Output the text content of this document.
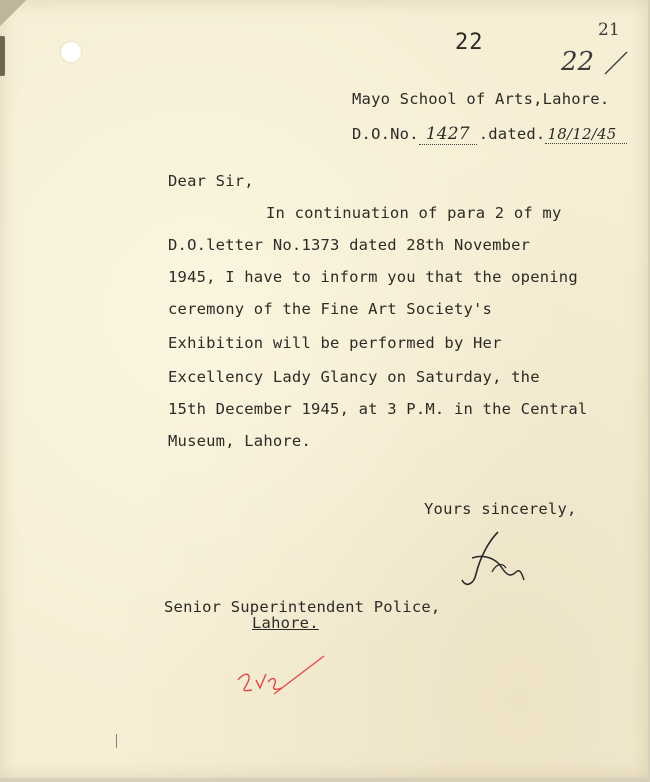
22	21
22
Mayo School of Arts,Lahore.
D.O.No. 1427 .dated. 18/12/45
Dear Sir,
In continuation of para 2 of my
D.O.letter No.1373 dated 28th November
1945, I have to inform you that the opening
ceremony of the Fine Art Society's
Exhibition will be performed by Her
Excellency Lady Glancy on Saturday, the
15th December 1945, at 3 P.M. in the Central
Museum, Lahore.
Yours sincerely,
Senior Superintendent Police,
Lahore.
